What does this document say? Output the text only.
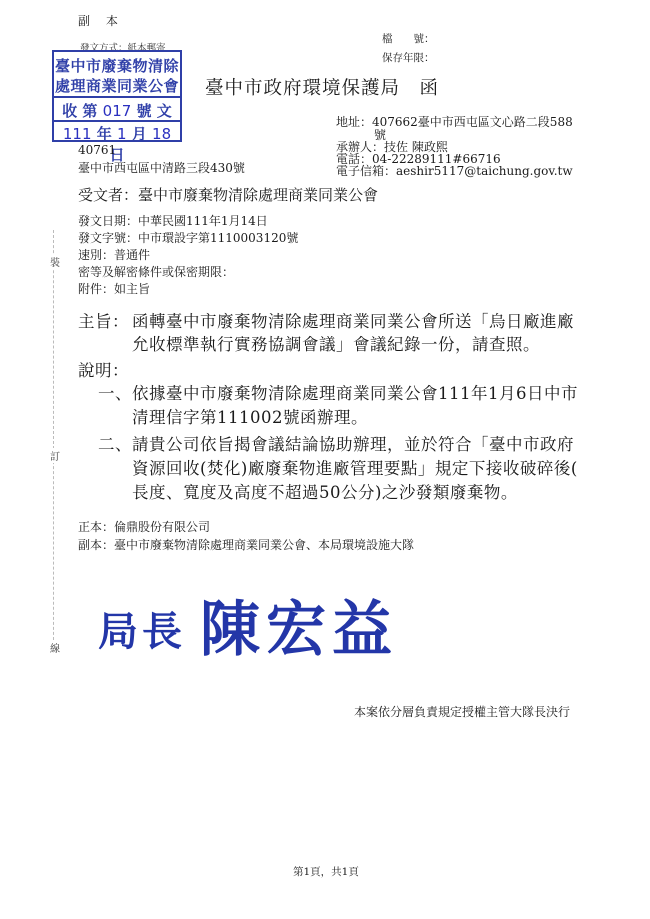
副 本
發文方式：紙本郵寄
檔　　號：
保存年限：
臺中市廢棄物清除
處理商業同業公會
收 第 017 號 文
111 年 1 月 18 日
臺中市政府環境保護局　函
地址：407662臺中市西屯區文心路二段588
號
承辦人：技佐 陳政熙
電話：04-22289111#66716
電子信箱：aeshir5117@taichung.gov.tw
40761
臺中市西屯區中清路三段430號
受文者：臺中市廢棄物清除處理商業同業公會
發文日期：中華民國111年1月14日
發文字號：中市環設字第1110003120號
速別：普通件
密等及解密條件或保密期限：
附件：如主旨
主旨： 函轉臺中市廢棄物清除處理商業同業公會所送「烏日廠進廠
允收標準執行實務協調會議」會議紀錄一份，請查照。
說明：
一、 依據臺中市廢棄物清除處理商業同業公會111年1月6日中市
清理信字第111002號函辦理。
二、 請貴公司依旨揭會議結論協助辦理，並於符合「臺中市政府
資源回收(焚化)廠廢棄物進廠管理要點」規定下接收破碎後(
長度、寬度及高度不超過50公分)之沙發類廢棄物。
正本：倫鼎股份有限公司
副本：臺中市廢棄物清除處理商業同業公會、本局環境設施大隊
局長 陳宏益
本案依分層負責規定授權主管大隊長決行
第1頁，共1頁
裝
訂
線
